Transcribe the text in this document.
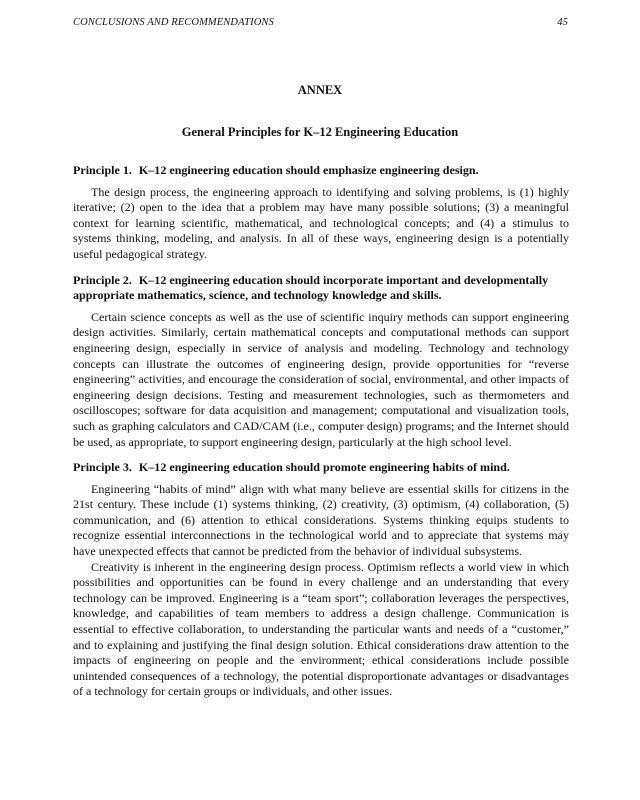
CONCLUSIONS AND RECOMMENDATIONS	45
ANNEX
General Principles for K–12 Engineering Education

Principle 1. K–12 engineering education should emphasize engineering design.

The design process, the engineering approach to identifying and solving problems, is (1) highly iterative; (2) open to the idea that a problem may have many possible solutions; (3) a meaningful context for learning scientific, mathematical, and technological concepts; and (4) a stimulus to systems thinking, modeling, and analysis. In all of these ways, engineering design is a potentially useful pedagogical strategy.

Principle 2. K–12 engineering education should incorporate important and developmentally appropriate mathematics, science, and technology knowledge and skills.

Certain science concepts as well as the use of scientific inquiry methods can support engineering design activities. Similarly, certain mathematical concepts and computational methods can support engineering design, especially in service of analysis and modeling. Technology and technology concepts can illustrate the outcomes of engineering design, provide opportunities for “reverse engineering” activities, and encourage the consideration of social, environmental, and other impacts of engineering design decisions. Testing and measurement technologies, such as thermometers and oscilloscopes; software for data acquisition and management; computational and visualization tools, such as graphing calculators and CAD/CAM (i.e., computer design) programs; and the Internet should be used, as appropriate, to support engineering design, particularly at the high school level.

Principle 3. K–12 engineering education should promote engineering habits of mind.

Engineering “habits of mind” align with what many believe are essential skills for citizens in the 21st century. These include (1) systems thinking, (2) creativity, (3) optimism, (4) collaboration, (5) communication, and (6) attention to ethical considerations. Systems thinking equips students to recognize essential interconnections in the technological world and to appreciate that systems may have unexpected effects that cannot be predicted from the behavior of individual subsystems.

Creativity is inherent in the engineering design process. Optimism reflects a world view in which possibilities and opportunities can be found in every challenge and an understanding that every technology can be improved. Engineering is a “team sport”; collaboration leverages the perspectives, knowledge, and capabilities of team members to address a design challenge. Communication is essential to effective collaboration, to understanding the particular wants and needs of a “customer,” and to explaining and justifying the final design solution. Ethical considerations draw attention to the impacts of engineering on people and the environment; ethical considerations include possible unintended consequences of a technology, the potential disproportionate advantages or disadvantages of a technology for certain groups or individuals, and other issues.
